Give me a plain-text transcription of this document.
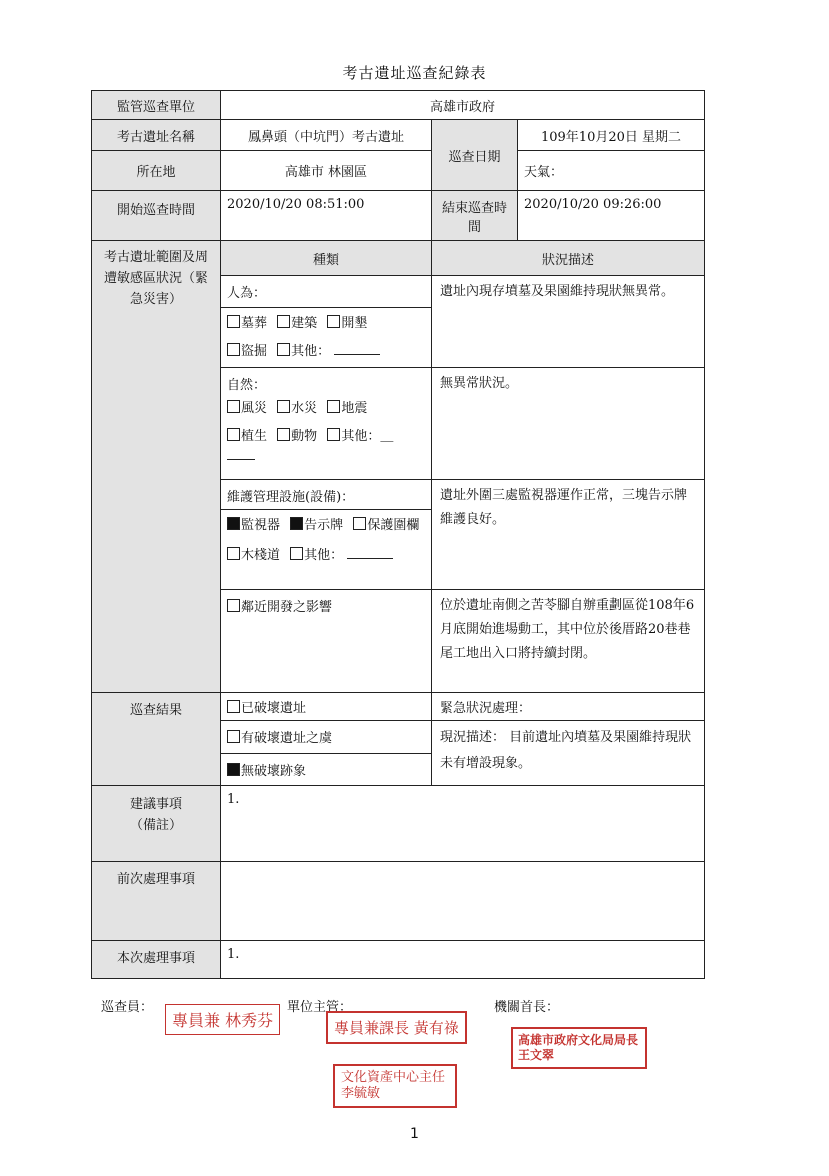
考古遺址巡查紀錄表
監管巡查單位	高雄市政府		
考古遺址名稱	鳳鼻頭（中坑門）考古遺址	巡查日期	109年10月20日 星期二
所在地	高雄市 林園區		天氣：
開始巡查時間	2020/10/20 08:51:00	結束巡查時間	2020/10/20 09:26:00
考古遺址範圍及周遭敏感區狀況（緊急災害）	種類	狀況描述	

	人為：
墓葬 建築 開墾
盜掘 其他：	遺址內現存墳墓及果園維持現狀無異常。	

	自然：
風災 水災 地震
植生 動物 其他：＿	無異常狀況。	

	維護管理設施(設備)：
監視器 告示牌 保護圍欄
木棧道 其他：	遺址外圍三處監視器運作正常，三塊告示牌維護良好。	
	鄰近開發之影響	位於遺址南側之苦苓腳自辦重劃區從108年6月底開始進場動工，其中位於後厝路20巷巷尾工地出入口將持續封閉。	
巡查結果	已破壞遺址	緊急狀況處理：	
	有破壞遺址之虞	現況描述： 目前遺址內墳墓及果園維持現狀未有增設現象。	
	無破壞跡象		

建議事項
（備註）	1.		
前次處理事項			
本次處理事項	1.		
巡查員：	單位主管：	機關首長：
專員兼 林秀芬	專員兼課長 黃有祿
高雄市政府文化局局長 王文翠
文化資產中心主任 李毓敏
1
